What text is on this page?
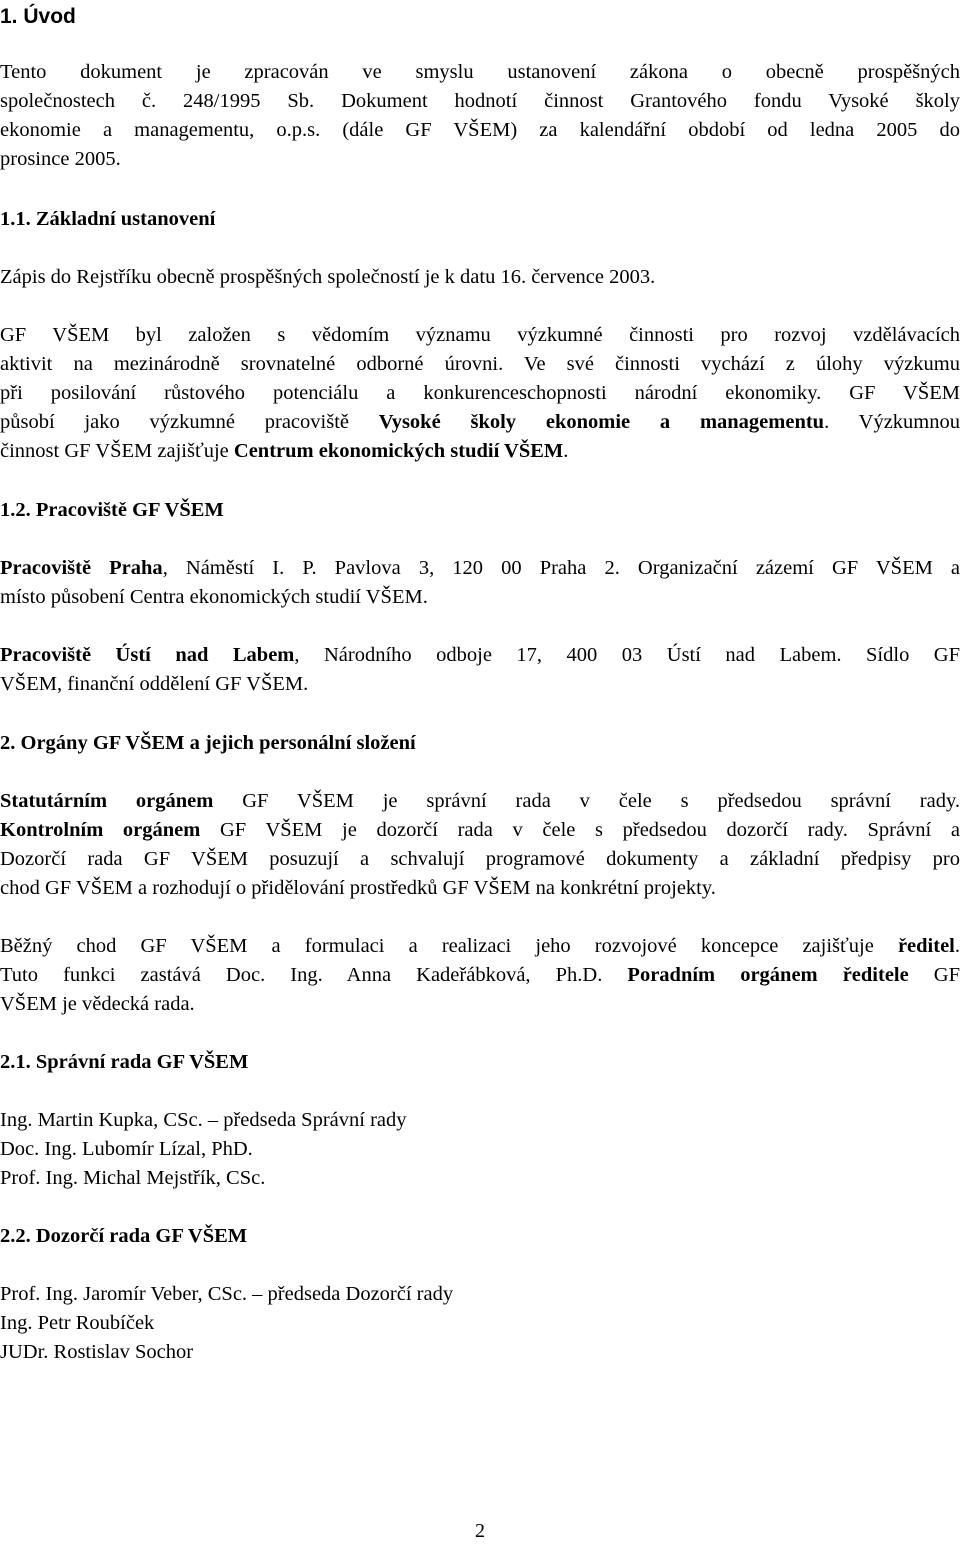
1. Úvod
Tento dokument je zpracován ve smyslu ustanovení zákona o obecně prospěšných
společnostech č. 248/1995 Sb. Dokument hodnotí činnost Grantového fondu Vysoké školy
ekonomie a managementu, o.p.s. (dále GF VŠEM) za kalendářní období od ledna 2005 do
prosince 2005.
1.1. Základní ustanovení
Zápis do Rejstříku obecně prospěšných společností je k datu 16. července 2003.
GF VŠEM byl založen s vědomím významu výzkumné činnosti pro rozvoj vzdělávacích
aktivit na mezinárodně srovnatelné odborné úrovni. Ve své činnosti vychází z úlohy výzkumu
při posilování růstového potenciálu a konkurenceschopnosti národní ekonomiky. GF VŠEM
působí jako výzkumné pracoviště Vysoké školy ekonomie a managementu. Výzkumnou
činnost GF VŠEM zajišťuje Centrum ekonomických studií VŠEM.
1.2. Pracoviště GF VŠEM
Pracoviště Praha, Náměstí I. P. Pavlova 3, 120 00 Praha 2. Organizační zázemí GF VŠEM a
místo působení Centra ekonomických studií VŠEM.
Pracoviště Ústí nad Labem, Národního odboje 17, 400 03 Ústí nad Labem. Sídlo GF
VŠEM, finanční oddělení GF VŠEM.
2. Orgány GF VŠEM a jejich personální složení
Statutárním orgánem GF VŠEM je správní rada v čele s předsedou správní rady.
Kontrolním orgánem GF VŠEM je dozorčí rada v čele s předsedou dozorčí rady. Správní a
Dozorčí rada GF VŠEM posuzují a schvalují programové dokumenty a základní předpisy pro
chod GF VŠEM a rozhodují o přidělování prostředků GF VŠEM na konkrétní projekty.
Běžný chod GF VŠEM a formulaci a realizaci jeho rozvojové koncepce zajišťuje ředitel.
Tuto funkci zastává Doc. Ing. Anna Kadeřábková, Ph.D. Poradním orgánem ředitele GF
VŠEM je vědecká rada.
2.1. Správní rada GF VŠEM
Ing. Martin Kupka, CSc. – předseda Správní rady
Doc. Ing. Lubomír Lízal, PhD.
Prof. Ing. Michal Mejstřík, CSc.
2.2. Dozorčí rada GF VŠEM
Prof. Ing. Jaromír Veber, CSc. – předseda Dozorčí rady
Ing. Petr Roubíček
JUDr. Rostislav Sochor
2
